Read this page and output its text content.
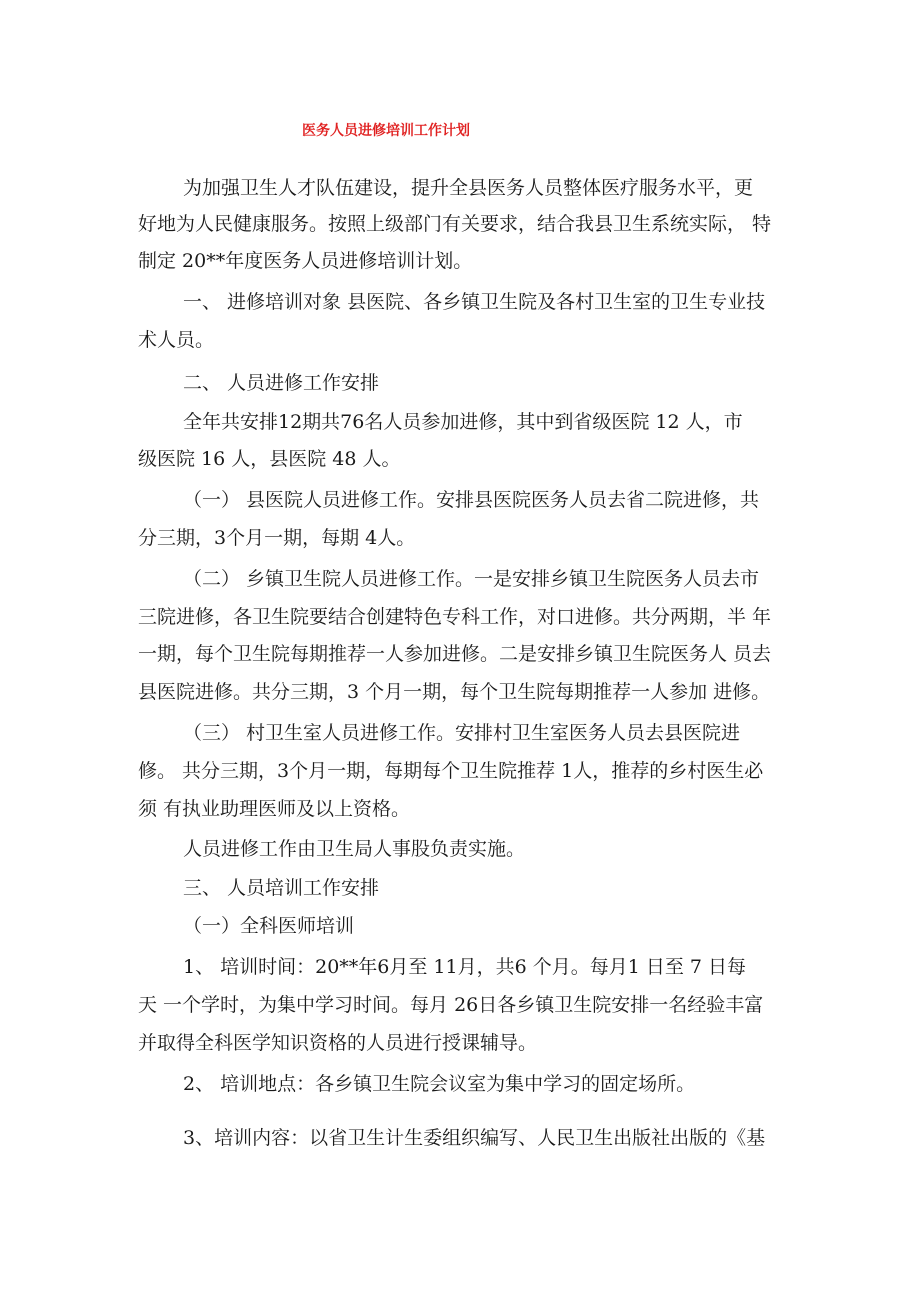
医务人员进修培训工作计划
为加强卫生人才队伍建设，提升全县医务人员整体医疗服务水平，更
好地为人民健康服务。按照上级部门有关要求，结合我县卫生系统实际， 特
制定 20**年度医务人员进修培训计划。
一、 进修培训对象 县医院、各乡镇卫生院及各村卫生室的卫生专业技
术人员。
二、 人员进修工作安排
全年共安排12期共76名人员参加进修，其中到省级医院 12 人，市
级医院 16 人，县医院 48 人。
（一） 县医院人员进修工作。安排县医院医务人员去省二院进修，共
分三期，3个月一期，每期 4人。
（二） 乡镇卫生院人员进修工作。一是安排乡镇卫生院医务人员去市
三院进修，各卫生院要结合创建特色专科工作，对口进修。共分两期，半 年
一期，每个卫生院每期推荐一人参加进修。二是安排乡镇卫生院医务人 员去
县医院进修。共分三期，3 个月一期，每个卫生院每期推荐一人参加 进修。
（三） 村卫生室人员进修工作。安排村卫生室医务人员去县医院进
修。 共分三期，3个月一期，每期每个卫生院推荐 1人，推荐的乡村医生必
须 有执业助理医师及以上资格。
人员进修工作由卫生局人事股负责实施。
三、 人员培训工作安排
（一）全科医师培训
1、 培训时间：20**年6月至 11月，共6 个月。每月1 日至 7 日每
天 一个学时，为集中学习时间。每月 26日各乡镇卫生院安排一名经验丰富
并取得全科医学知识资格的人员进行授课辅导。
2、 培训地点：各乡镇卫生院会议室为集中学习的固定场所。
3、培训内容：以省卫生计生委组织编写、人民卫生出版社出版的《基
